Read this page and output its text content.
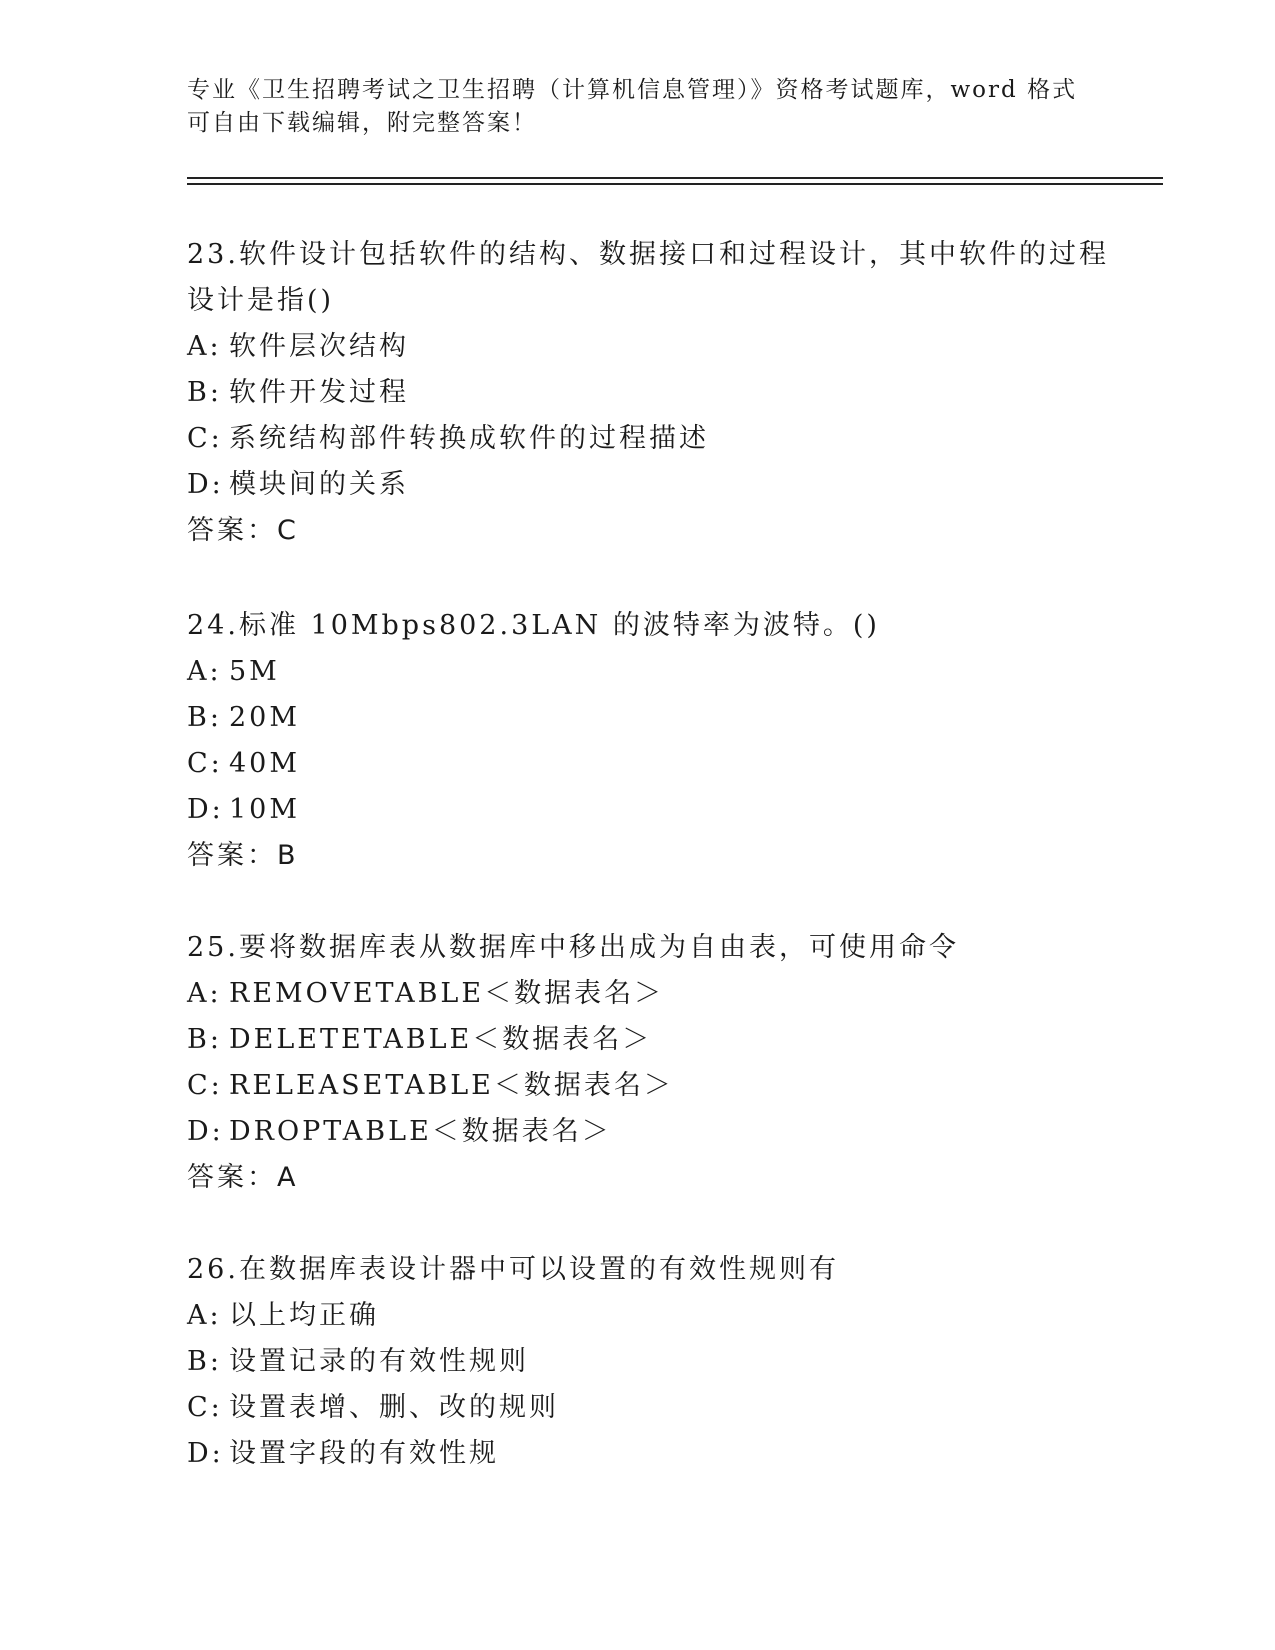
专业《卫生招聘考试之卫生招聘（计算机信息管理）》资格考试题库，word 格式
可自由下载编辑，附完整答案！

23.软件设计包括软件的结构、数据接口和过程设计，其中软件的过程

设计是指()

A: 软件层次结构

B: 软件开发过程

C: 系统结构部件转换成软件的过程描述

D: 模块间的关系

答案：C

24.标准 10Mbps802.3LAN 的波特率为波特。()

A: 5M

B: 20M

C: 40M

D: 10M

答案：B

25.要将数据库表从数据库中移出成为自由表，可使用命令

A: REMOVETABLE＜数据表名＞

B: DELETETABLE＜数据表名＞

C: RELEASETABLE＜数据表名＞

D: DROPTABLE＜数据表名＞

答案：A

26.在数据库表设计器中可以设置的有效性规则有

A: 以上均正确

B: 设置记录的有效性规则

C: 设置表增、删、改的规则

D: 设置字段的有效性规
